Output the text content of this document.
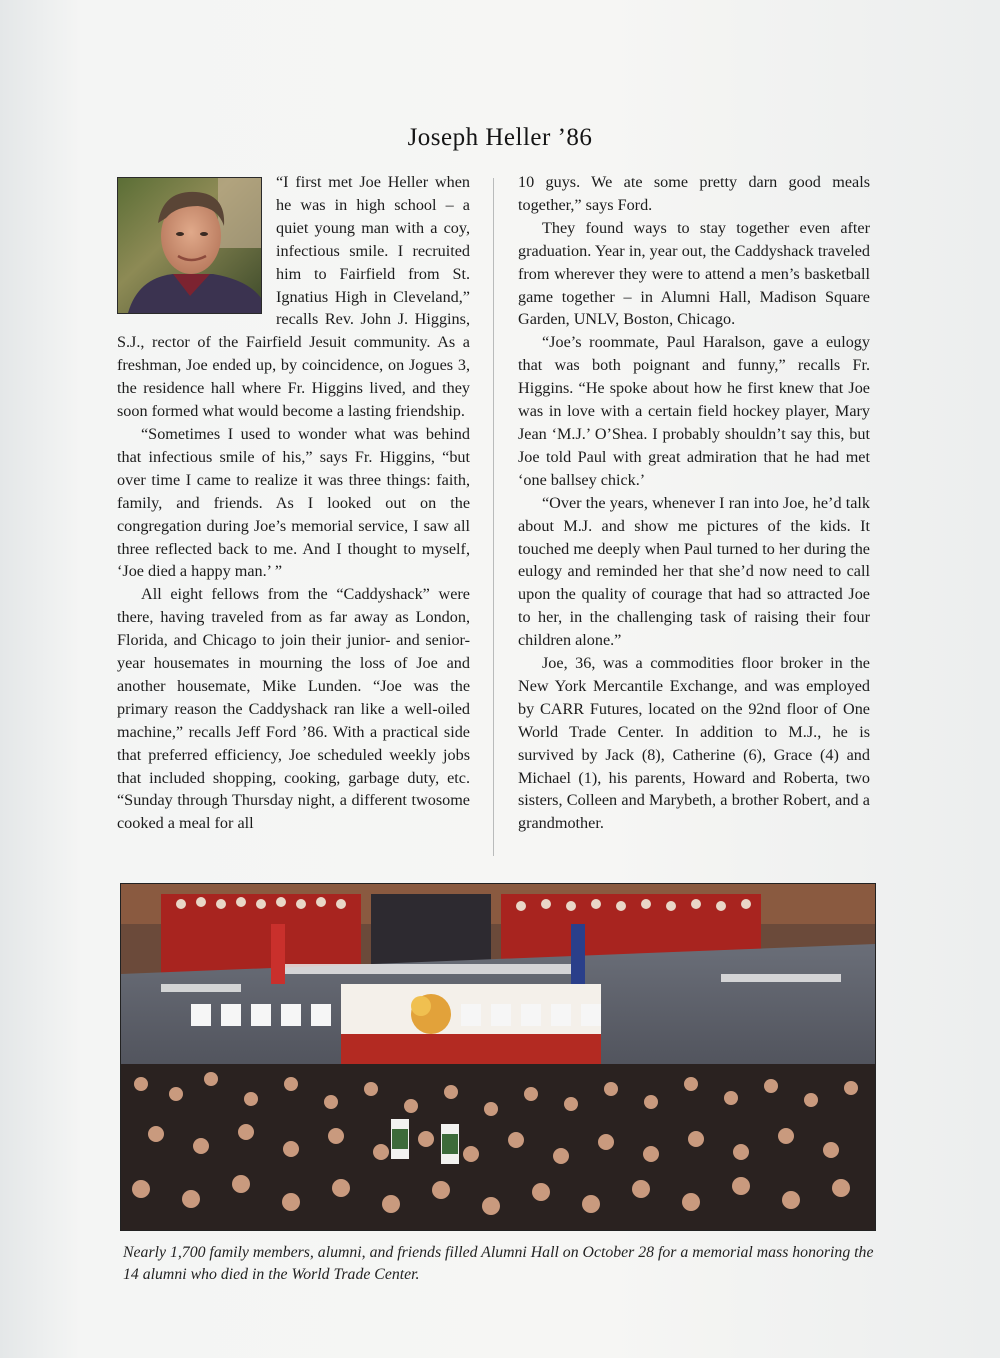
Joseph Heller ’86

“I first met Joe Heller when he was in high school – a quiet young man with a coy, infectious smile. I recruited him to Fairfield from St. Ignatius High in Cleveland,” recalls Rev. John J. Higgins, S.J., rector of the Fairfield Jesuit community. As a freshman, Joe ended up, by coincidence, on Jogues 3, the residence hall where Fr. Higgins lived, and they soon formed what would become a lasting friendship.

“Sometimes I used to wonder what was behind that infectious smile of his,” says Fr. Higgins, “but over time I came to realize it was three things: faith, family, and friends. As I looked out on the congregation during Joe’s memorial service, I saw all three reflected back to me. And I thought to myself, ‘Joe died a happy man.’ ”

All eight fellows from the “Caddyshack” were there, having traveled from as far away as London, Florida, and Chicago to join their junior- and senior-year housemates in mourning the loss of Joe and another housemate, Mike Lunden. “Joe was the primary reason the Caddyshack ran like a well-oiled machine,” recalls Jeff Ford ’86. With a practical side that preferred efficiency, Joe scheduled weekly jobs that included shopping, cooking, garbage duty, etc. “Sunday through Thursday night, a different twosome cooked a meal for all

10 guys. We ate some pretty darn good meals together,” says Ford.

They found ways to stay together even after graduation. Year in, year out, the Caddyshack traveled from wherever they were to attend a men’s basketball game together – in Alumni Hall, Madison Square Garden, UNLV, Boston, Chicago.

“Joe’s roommate, Paul Haralson, gave a eulogy that was both poignant and funny,” recalls Fr. Higgins. “He spoke about how he first knew that Joe was in love with a certain field hockey player, Mary Jean ‘M.J.’ O’Shea. I probably shouldn’t say this, but Joe told Paul with great admiration that he had met ‘one ballsey chick.’

“Over the years, whenever I ran into Joe, he’d talk about M.J. and show me pictures of the kids. It touched me deeply when Paul turned to her during the eulogy and reminded her that she’d now need to call upon the quality of courage that had so attracted Joe to her, in the challenging task of raising their four children alone.”

Joe, 36, was a commodities floor broker in the New York Mercantile Exchange, and was employed by CARR Futures, located on the 92nd floor of One World Trade Center. In addition to M.J., he is survived by Jack (8), Catherine (6), Grace (4) and Michael (1), his parents, Howard and Roberta, two sisters, Colleen and Marybeth, a brother Robert, and a grandmother.

Nearly 1,700 family members, alumni, and friends filled Alumni Hall on October 28 for a memorial mass honoring the 14 alumni who died in the World Trade Center.
